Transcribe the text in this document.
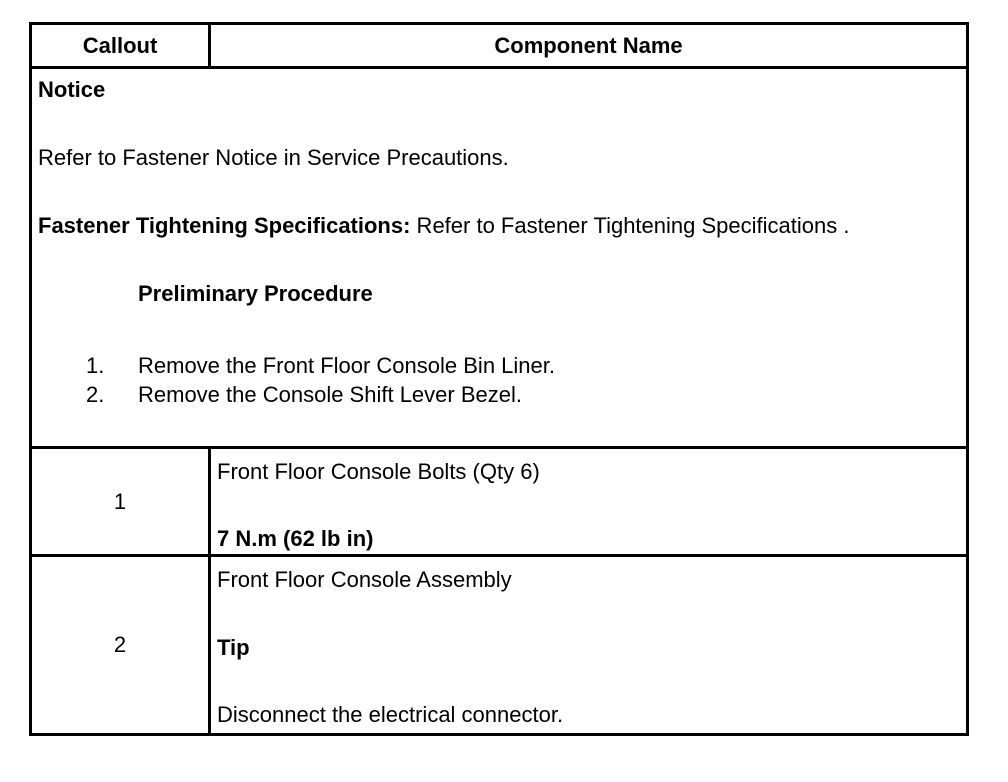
Callout	Component Name
Notice
Refer to Fastener Notice in Service Precautions.
Fastener Tightening Specifications: Refer to Fastener Tightening Specifications .
Preliminary Procedure
1. Remove the Front Floor Console Bin Liner.
2. Remove the Console Shift Lever Bezel.
1
Front Floor Console Bolts (Qty 6)
7 N.m (62 lb in)
2
Front Floor Console Assembly
Tip
Disconnect the electrical connector.
